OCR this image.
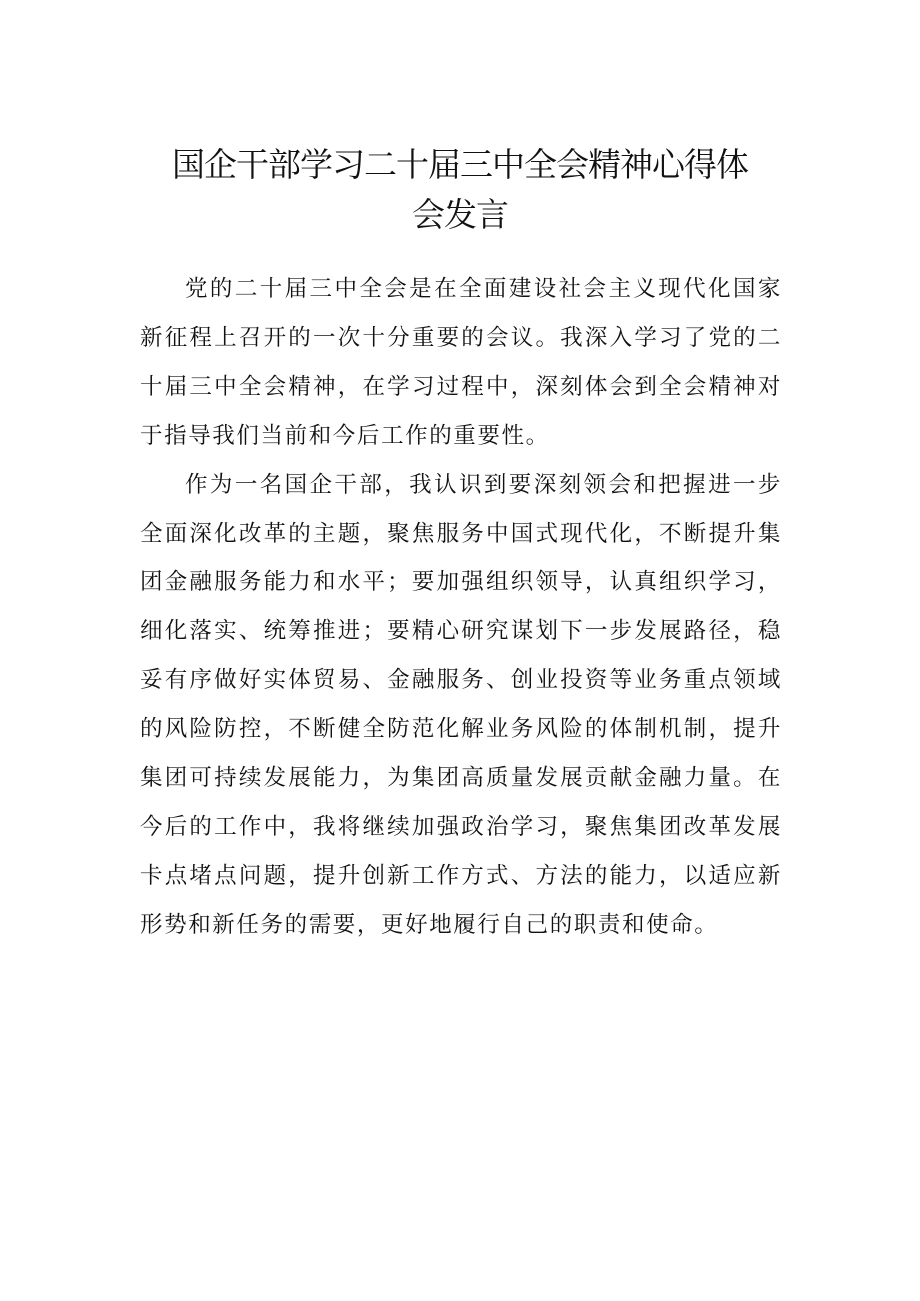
国企干部学习二十届三中全会精神心得体
会发言

党的二十届三中全会是在全面建设社会主义现代化国家新征程上召开的一次十分重要的会议。我深入学习了党的二十届三中全会精神，在学习过程中，深刻体会到全会精神对于指导我们当前和今后工作的重要性。

作为一名国企干部，我认识到要深刻领会和把握进一步全面深化改革的主题，聚焦服务中国式现代化，不断提升集团金融服务能力和水平；要加强组织领导，认真组织学习，细化落实、统筹推进；要精心研究谋划下一步发展路径，稳妥有序做好实体贸易、金融服务、创业投资等业务重点领域的风险防控，不断健全防范化解业务风险的体制机制，提升集团可持续发展能力，为集团高质量发展贡献金融力量。在今后的工作中，我将继续加强政治学习，聚焦集团改革发展卡点堵点问题，提升创新工作方式、方法的能力，以适应新形势和新任务的需要，更好地履行自己的职责和使命。
